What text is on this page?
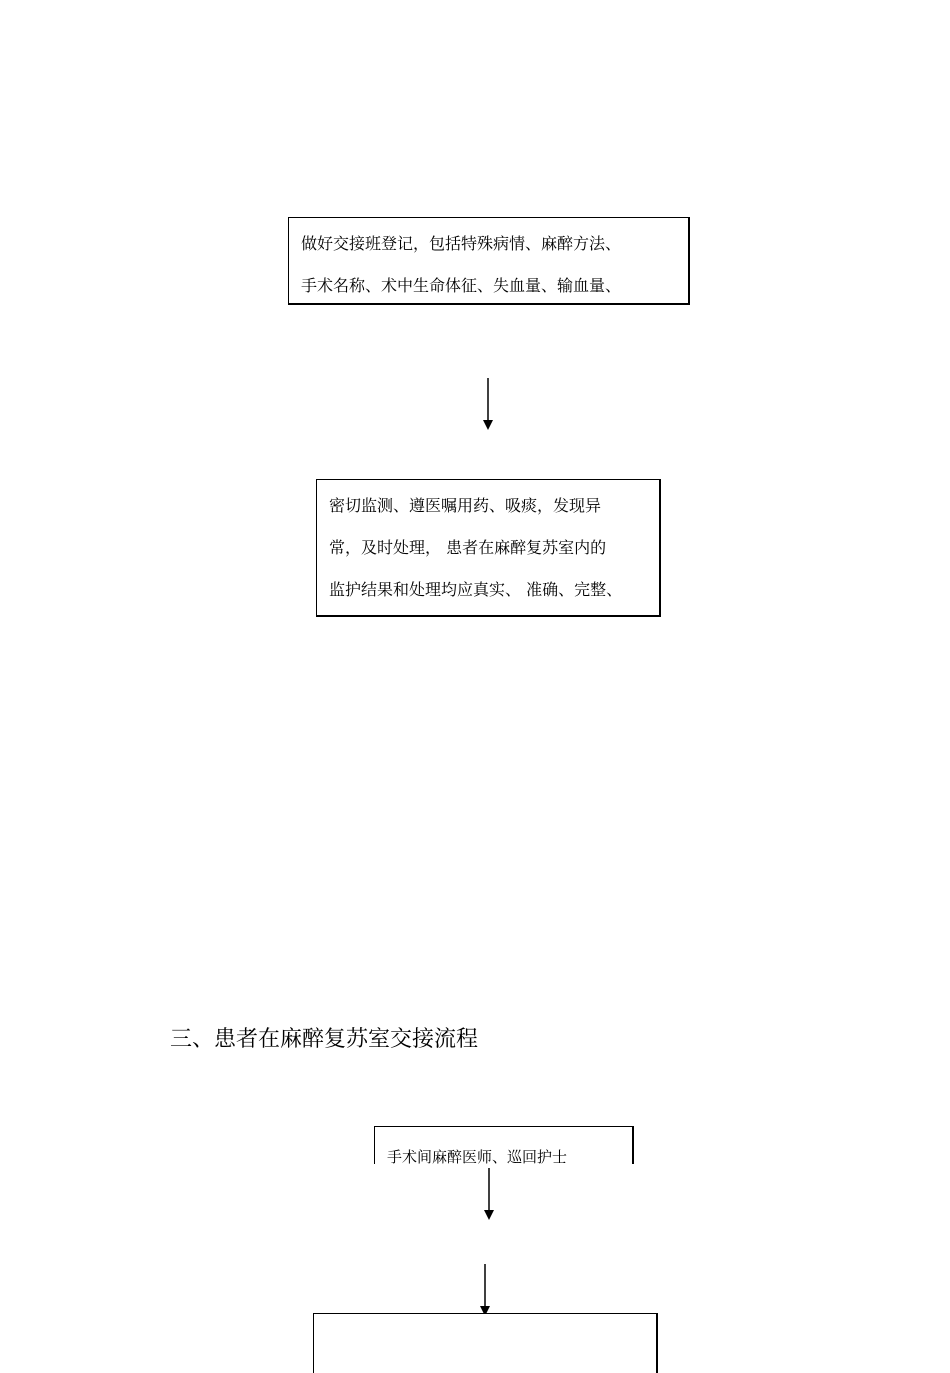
做好交接班登记，包括特殊病情、麻醉方法、
手术名称、术中生命体征、失血量、输血量、
密切监测、遵医嘱用药、吸痰，发现异
常，及时处理， 患者在麻醉复苏室内的
监护结果和处理均应真实、 准确、完整、
三、患者在麻醉复苏室交接流程
手术间麻醉医师、巡回护士
